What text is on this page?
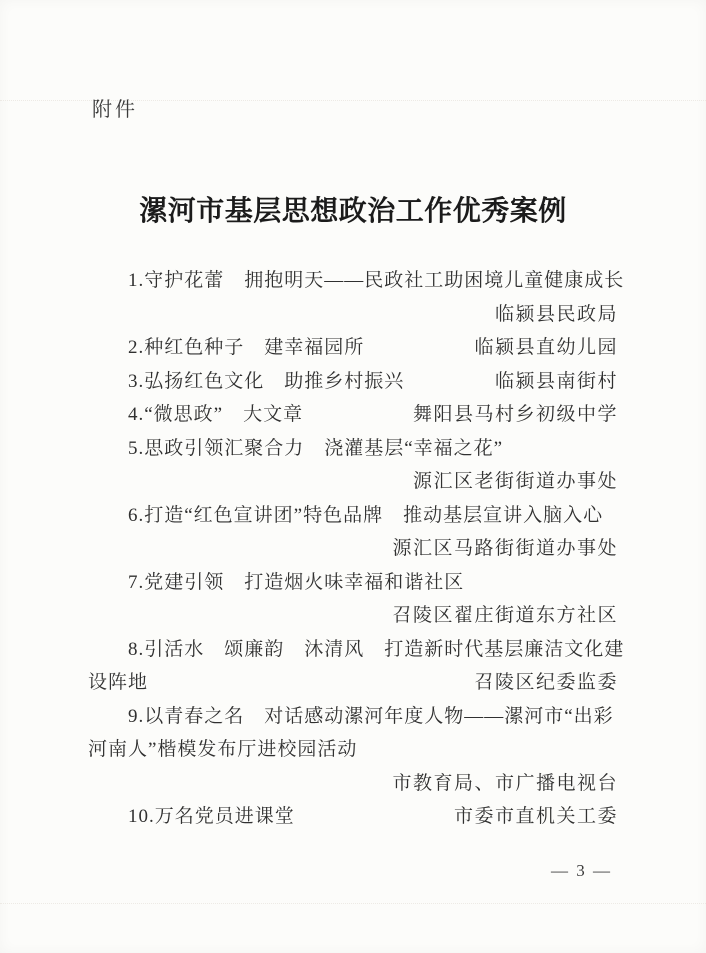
附件
漯河市基层思想政治工作优秀案例
1.守护花蕾　拥抱明天——民政社工助困境儿童健康成长
临颍县民政局
2.种红色种子　建幸福园所	临颍县直幼儿园
3.弘扬红色文化　助推乡村振兴	临颍县南街村
4.“微思政”　大文章	舞阳县马村乡初级中学
5.思政引领汇聚合力　浇灌基层“幸福之花”
源汇区老街街道办事处
6.打造“红色宣讲团”特色品牌　推动基层宣讲入脑入心
源汇区马路街街道办事处
7.党建引领　打造烟火味幸福和谐社区
召陵区翟庄街道东方社区
8.引活水　颂廉韵　沐清风　打造新时代基层廉洁文化建
设阵地	召陵区纪委监委
9.以青春之名　对话感动漯河年度人物——漯河市“出彩
河南人”楷模发布厅进校园活动
市教育局、市广播电视台
10.万名党员进课堂	市委市直机关工委
— 3 —
